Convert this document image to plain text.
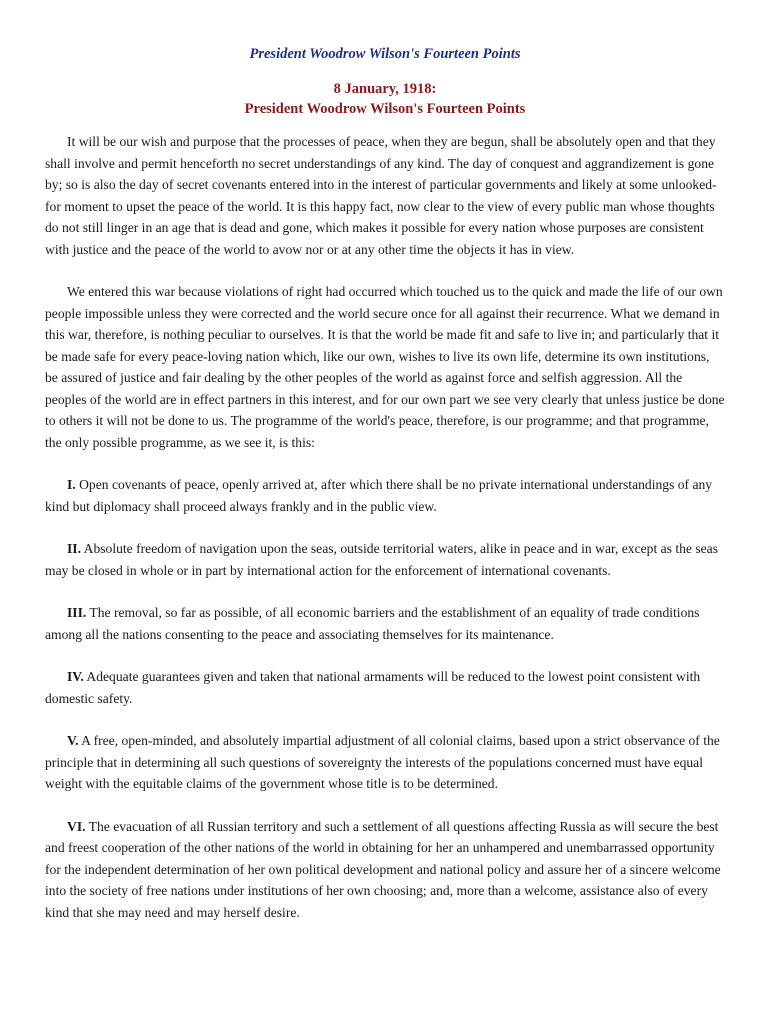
President Woodrow Wilson's Fourteen Points
8 January, 1918:
President Woodrow Wilson's Fourteen Points

It will be our wish and purpose that the processes of peace, when they are begun, shall be absolutely open and that they shall involve and permit henceforth no secret understandings of any kind. The day of conquest and aggrandizement is gone by; so is also the day of secret covenants entered into in the interest of particular governments and likely at some unlooked-for moment to upset the peace of the world. It is this happy fact, now clear to the view of every public man whose thoughts do not still linger in an age that is dead and gone, which makes it possible for every nation whose purposes are consistent with justice and the peace of the world to avow nor or at any other time the objects it has in view.

We entered this war because violations of right had occurred which touched us to the quick and made the life of our own people impossible unless they were corrected and the world secure once for all against their recurrence. What we demand in this war, therefore, is nothing peculiar to ourselves. It is that the world be made fit and safe to live in; and particularly that it be made safe for every peace-loving nation which, like our own, wishes to live its own life, determine its own institutions, be assured of justice and fair dealing by the other peoples of the world as against force and selfish aggression. All the peoples of the world are in effect partners in this interest, and for our own part we see very clearly that unless justice be done to others it will not be done to us. The programme of the world's peace, therefore, is our programme; and that programme, the only possible programme, as we see it, is this:

I. Open covenants of peace, openly arrived at, after which there shall be no private international understandings of any kind but diplomacy shall proceed always frankly and in the public view.

II. Absolute freedom of navigation upon the seas, outside territorial waters, alike in peace and in war, except as the seas may be closed in whole or in part by international action for the enforcement of international covenants.

III. The removal, so far as possible, of all economic barriers and the establishment of an equality of trade conditions among all the nations consenting to the peace and associating themselves for its maintenance.

IV. Adequate guarantees given and taken that national armaments will be reduced to the lowest point consistent with domestic safety.

V. A free, open-minded, and absolutely impartial adjustment of all colonial claims, based upon a strict observance of the principle that in determining all such questions of sovereignty the interests of the populations concerned must have equal weight with the equitable claims of the government whose title is to be determined.

VI. The evacuation of all Russian territory and such a settlement of all questions affecting Russia as will secure the best and freest cooperation of the other nations of the world in obtaining for her an unhampered and unembarrassed opportunity for the independent determination of her own political development and national policy and assure her of a sincere welcome into the society of free nations under institutions of her own choosing; and, more than a welcome, assistance also of every kind that she may need and may herself desire.
